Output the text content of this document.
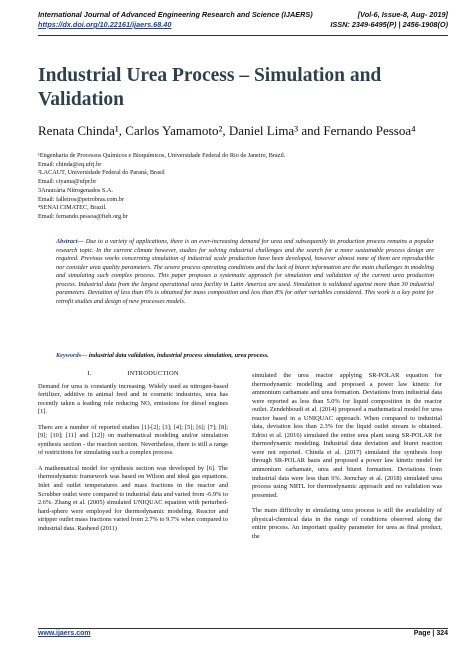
International Journal of Advanced Engineering Research and Science (IJAERS)
https://dx.doi.org/10.22161/ijaers.68.40
[Vol-6, Issue-8, Aug- 2019]
ISSN: 2349-6495(P) | 2456-1908(O)
Industrial Urea Process – Simulation and Validation
Renata Chinda¹, Carlos Yamamoto², Daniel Lima³ and Fernando Pessoa⁴
¹Engenharia de Processos Químicos e Bioquímicos, Universidade Federal do Rio de Janeiro, Brazil.
Email: chinda@eq.ufrj.br
²LACAUT, Universidade Federal do Paraná, Brasil
Email: ciyama@ufpr.br
3Araucária Nitrogenados S.A.
Email: falleiros@petrobras.com.br
⁴SENAI CIMATEC, Brazil.
Email: fernando.pessoa@fieb.org.br

Abstract— Due to a variety of applications, there is an ever-increasing demand for urea and subsequently its production process remains a popular research topic. In the current climate however, studies for solving industrial challenges and the search for a more sustainable process design are required. Previous works concerning simulation of industrial scale production have been developed, however almost none of them are reproducible nor consider urea quality parameters. The severe process operating conditions and the lack of biuret information are the main challenges in modeling and simulating such complex process. This paper proposes a systematic approach for simulation and validation of the current urea production process. Industrial data from the largest operational urea facility in Latin America are used. Simulation is validated against more than 30 industrial parameters. Deviation of less than 6% is obtained for mass composition and less than 8% for other variables considered. This work is a key point for retrofit studies and design of new processes models.

Keywords— industrial data validation, industrial process simulation, urea process.

I.	INTRODUCTION

Demand for urea is constantly increasing. Widely used as nitrogen-based fertilizer, additive in animal feed and in cosmetic industries, urea has recently taken a leading role reducing NOₓ emissions for diesel engines [1].

There are a number of reported studies [1]-[2]; [3]; [4]; [5]; [6]; [7]; [8]; [9]; [10]; [11] and [12]) on mathematical modeling and/or simulation synthesis section - the reaction section. Nevertheless, there is still a range of restrictions for simulating such a complex process.

A mathematical model for synthesis section was developed by [6]. The thermodynamic framework was based on Wilson and ideal gas equations. Inlet and outlet temperatures and mass fractions in the reactor and Scrubber outlet were compared to industrial data and varied from -6.9% to 2.6%. Zhang et al. (2005) simulated UNIQUAC equation with perturbed-hard-sphere were employed for thermodynamic modeling. Reactor and stripper outlet mass fractions varied from 2.7% to 9.7% when compared to industrial data. Rasheed (2011)

simulated the urea reactor applying SR-POLAR equation for thermodynamic modelling and proposed a power law kinetic for ammonium carbamate and urea formation. Deviations from industrial data were reported as less than 5.0% for liquid composition in the reactor outlet. Zendehboudi et al. (2014) proposed a mathematical model for urea reactor based in a UNIQUAC approach. When compared to industrial data, deviation less than 2.3% for the liquid outlet stream is obtained. Edrisi et al. (2016) simulated the entire urea plant using SR-POLAR for thermodynamic modeling. Industrial data deviation and biuret reaction were not reported. Chinda et al. (2017) simulated the synthesis loop through SR-POLAR basis and proposed a power law kinetic model for ammonium carbamate, urea and biuret formation. Deviations from industrial data were less than 6%. Jeenchay et al. (2018) simulated urea process using NRTL for thermodynamic approach and no validation was presented.

The main difficulty in simulating urea process is still the availability of physical-chemical data in the range of conditions observed along the entire process. An important quality parameter for urea as final product, the

www.ijaers.com	Page | 324
